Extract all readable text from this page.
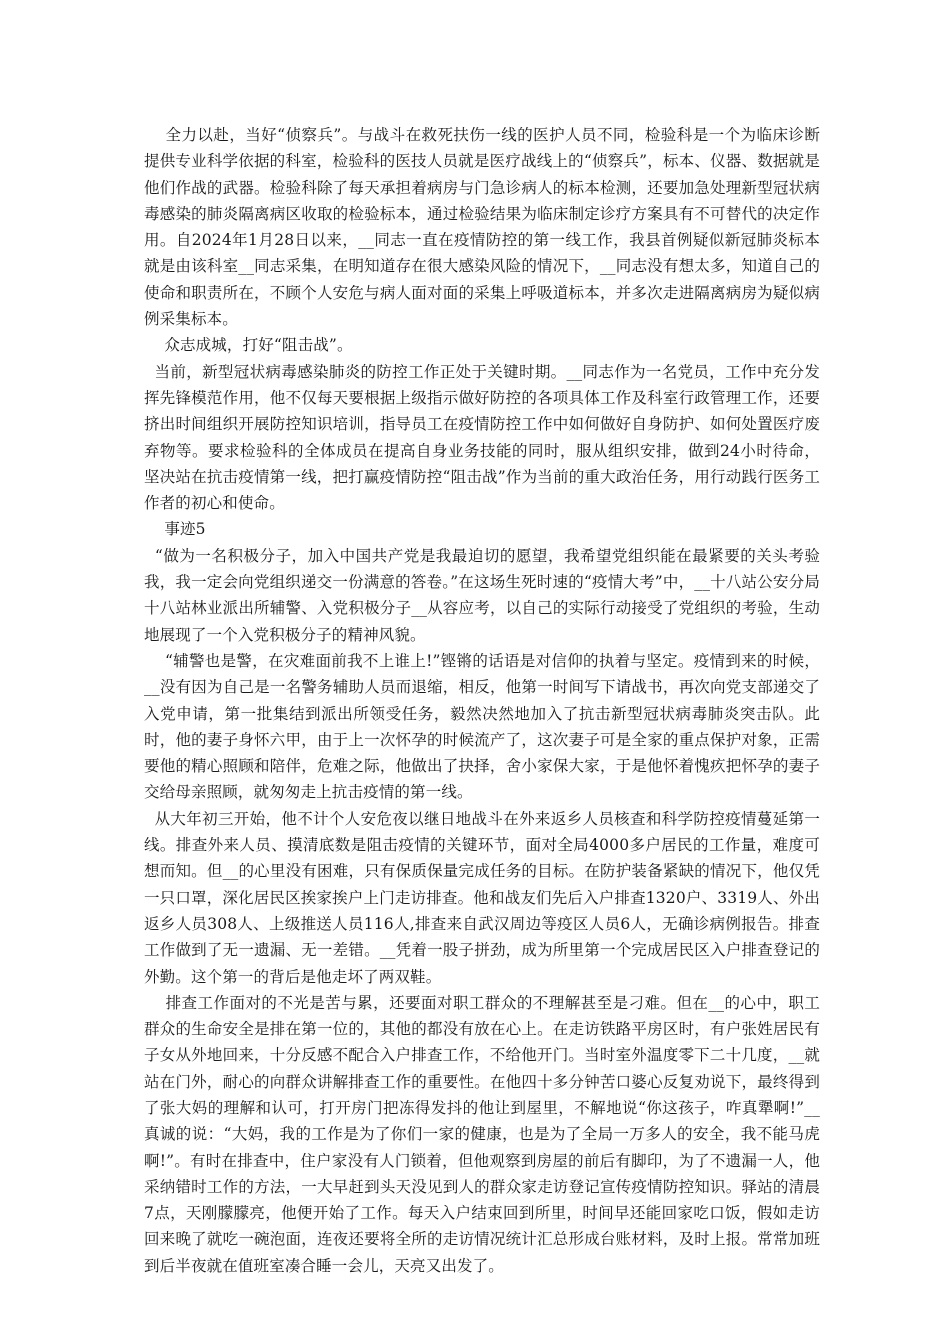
全力以赴，当好“侦察兵”。与战斗在救死扶伤一线的医护人员不同，检验科是一个为临床诊断提供专业科学依据的科室，检验科的医技人员就是医疗战线上的“侦察兵”，标本、仪器、数据就是他们作战的武器。检验科除了每天承担着病房与门急诊病人的标本检测，还要加急处理新型冠状病毒感染的肺炎隔离病区收取的检验标本，通过检验结果为临床制定诊疗方案具有不可替代的决定作用。自2024年1月28日以来，__同志一直在疫情防控的第一线工作，我县首例疑似新冠肺炎标本就是由该科室__同志采集，在明知道存在很大感染风险的情况下，__同志没有想太多，知道自己的使命和职责所在，不顾个人安危与病人面对面的采集上呼吸道标本，并多次走进隔离病房为疑似病例采集标本。

众志成城，打好“阻击战”。

当前，新型冠状病毒感染肺炎的防控工作正处于关键时期。__同志作为一名党员，工作中充分发挥先锋模范作用，他不仅每天要根据上级指示做好防控的各项具体工作及科室行政管理工作，还要挤出时间组织开展防控知识培训，指导员工在疫情防控工作中如何做好自身防护、如何处置医疗废弃物等。要求检验科的全体成员在提高自身业务技能的同时，服从组织安排，做到24小时待命，坚决站在抗击疫情第一线，把打赢疫情防控“阻击战”作为当前的重大政治任务，用行动践行医务工作者的初心和使命。

事迹5

“做为一名积极分子，加入中国共产党是我最迫切的愿望，我希望党组织能在最紧要的关头考验我，我一定会向党组织递交一份满意的答卷。”在这场生死时速的“疫情大考”中，__十八站公安分局十八站林业派出所辅警、入党积极分子__从容应考，以自己的实际行动接受了党组织的考验，生动地展现了一个入党积极分子的精神风貌。

“辅警也是警，在灾难面前我不上谁上!”铿锵的话语是对信仰的执着与坚定。疫情到来的时候，__没有因为自己是一名警务辅助人员而退缩，相反，他第一时间写下请战书，再次向党支部递交了入党申请，第一批集结到派出所领受任务，毅然决然地加入了抗击新型冠状病毒肺炎突击队。此时，他的妻子身怀六甲，由于上一次怀孕的时候流产了，这次妻子可是全家的重点保护对象，正需要他的精心照顾和陪伴，危难之际，他做出了抉择，舍小家保大家，于是他怀着愧疚把怀孕的妻子交给母亲照顾，就匆匆走上抗击疫情的第一线。

从大年初三开始，他不计个人安危夜以继日地战斗在外来返乡人员核查和科学防控疫情蔓延第一线。排查外来人员、摸清底数是阻击疫情的关键环节，面对全局4000多户居民的工作量，难度可想而知。但__的心里没有困难，只有保质保量完成任务的目标。在防护装备紧缺的情况下，他仅凭一只口罩，深化居民区挨家挨户上门走访排查。他和战友们先后入户排查1320户、3319人、外出返乡人员308人、上级推送人员116人,排查来自武汉周边等疫区人员6人，无确诊病例报告。排查工作做到了无一遗漏、无一差错。__凭着一股子拼劲，成为所里第一个完成居民区入户排查登记的外勤。这个第一的背后是他走坏了两双鞋。

排查工作面对的不光是苦与累，还要面对职工群众的不理解甚至是刁难。但在__的心中，职工群众的生命安全是排在第一位的，其他的都没有放在心上。在走访铁路平房区时，有户张姓居民有子女从外地回来，十分反感不配合入户排查工作，不给他开门。当时室外温度零下二十几度，__就站在门外，耐心的向群众讲解排查工作的重要性。在他四十多分钟苦口婆心反复劝说下，最终得到了张大妈的理解和认可，打开房门把冻得发抖的他让到屋里，不解地说“你这孩子，咋真犟啊!”__真诚的说：“大妈，我的工作是为了你们一家的健康，也是为了全局一万多人的安全，我不能马虎啊!”。有时在排查中，住户家没有人门锁着，但他观察到房屋的前后有脚印，为了不遗漏一人，他采纳错时工作的方法，一大早赶到头天没见到人的群众家走访登记宣传疫情防控知识。驿站的清晨7点，天刚朦朦亮，他便开始了工作。每天入户结束回到所里，时间早还能回家吃口饭，假如走访回来晚了就吃一碗泡面，连夜还要将全所的走访情况统计汇总形成台账材料，及时上报。常常加班到后半夜就在值班室凑合睡一会儿，天亮又出发了。
